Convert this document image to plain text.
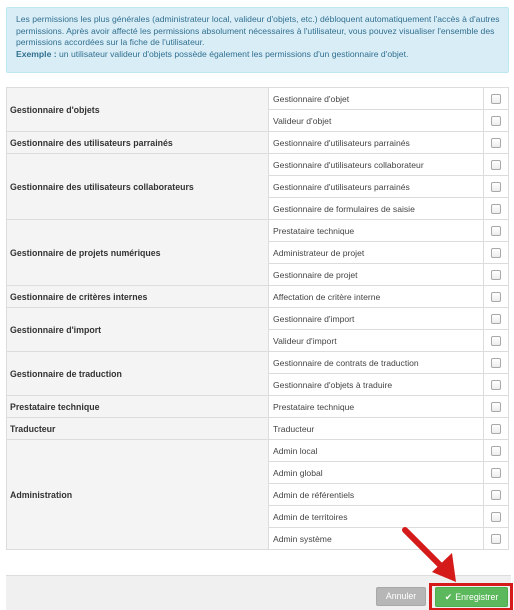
Les permissions les plus générales (administrateur local, valideur d'objets, etc.) débloquent automatiquement l'accès à d'autres permissions. Après avoir affecté les permissions absolument nécessaires à l'utilisateur, vous pouvez visualiser l'ensemble des permissions accordées sur la fiche de l'utilisateur.
Exemple : un utilisateur valideur d'objets possède également les permissions d'un gestionnaire d'objet.
Gestionnaire d'objets	Gestionnaire d'objet	
	Valideur d'objet	
Gestionnaire des utilisateurs parrainés	Gestionnaire d'utilisateurs parrainés	
Gestionnaire des utilisateurs collaborateurs	Gestionnaire d'utilisateurs collaborateur	
	Gestionnaire d'utilisateurs parrainés	
	Gestionnaire de formulaires de saisie	
Gestionnaire de projets numériques	Prestataire technique	
	Administrateur de projet	
	Gestionnaire de projet	
Gestionnaire de critères internes	Affectation de critère interne	
Gestionnaire d'import	Gestionnaire d'import	
	Valideur d'import	
Gestionnaire de traduction	Gestionnaire de contrats de traduction	
	Gestionnaire d'objets à traduire	
Prestataire technique	Prestataire technique	
Traducteur	Traducteur	
Administration	Admin local	
	Admin global	
	Admin de référentiels	
	Admin de territoires	
	Admin système	
Annuler	✔ Enregistrer
